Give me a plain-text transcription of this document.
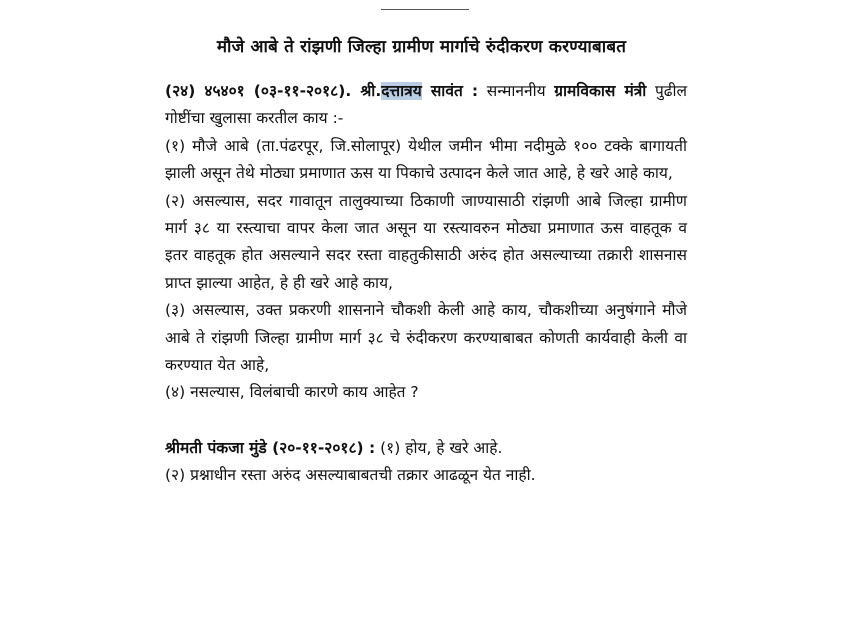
मौजे आबे ते रांझणी जिल्हा ग्रामीण मार्गाचे रुंदीकरण करण्याबाबत

(२४) ४५४०१ (०३-११-२०१८). श्री.दत्तात्रय सावंत : सन्माननीय ग्रामविकास मंत्री पुढील गोष्टींचा खुलासा करतील काय :-

(१) मौजे आबे (ता.पंढरपूर, जि.सोलापूर) येथील जमीन भीमा नदीमुळे १०० टक्के बागायती झाली असून तेथे मोठ्या प्रमाणात ऊस या पिकाचे उत्पादन केले जात आहे, हे खरे आहे काय,

(२) असल्यास, सदर गावातून तालुक्याच्या ठिकाणी जाण्यासाठी रांझणी आबे जिल्हा ग्रामीण मार्ग ३८ या रस्त्याचा वापर केला जात असून या रस्त्यावरुन मोठ्या प्रमाणात ऊस वाहतूक व इतर वाहतूक होत असल्याने सदर रस्ता वाहतुकीसाठी अरुंद होत असल्याच्या तक्रारी शासनास प्राप्त झाल्या आहेत, हे ही खरे आहे काय,

(३) असल्यास, उक्त प्रकरणी शासनाने चौकशी केली आहे काय, चौकशीच्या अनुषंगाने मौजे आबे ते रांझणी जिल्हा ग्रामीण मार्ग ३८ चे रुंदीकरण करण्याबाबत कोणती कार्यवाही केली वा करण्यात येत आहे,

(४) नसल्यास, विलंबाची कारणे काय आहेत ?

श्रीमती पंकजा मुंडे (२०-११-२०१८) : (१) होय, हे खरे आहे.

(२) प्रश्नाधीन रस्ता अरुंद असल्याबाबतची तक्रार आढळून येत नाही.
